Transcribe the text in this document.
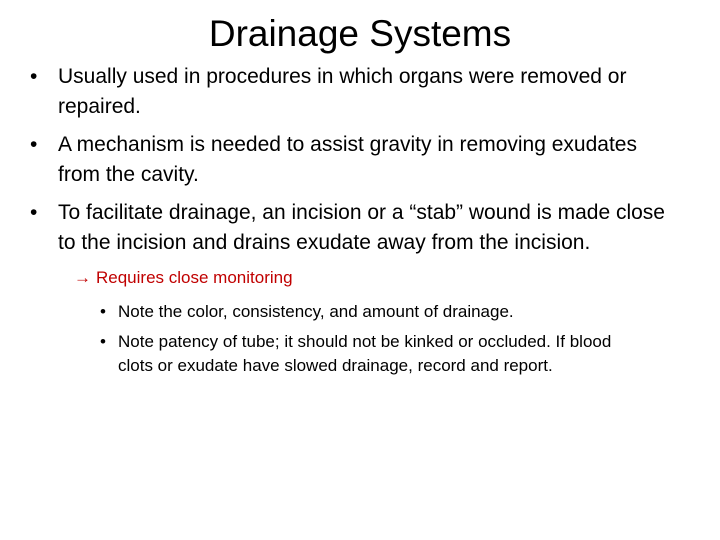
Drainage Systems
• Usually used in procedures in which organs were removed or repaired.
• A mechanism is needed to assist gravity in removing exudates from the cavity.
• To facilitate drainage, an incision or a “stab” wound is made close to the incision and drains exudate away from the incision.
→ Requires close monitoring
• Note the color, consistency, and amount of drainage.
• Note patency of tube; it should not be kinked or occluded. If blood clots or exudate have slowed drainage, record and report.
